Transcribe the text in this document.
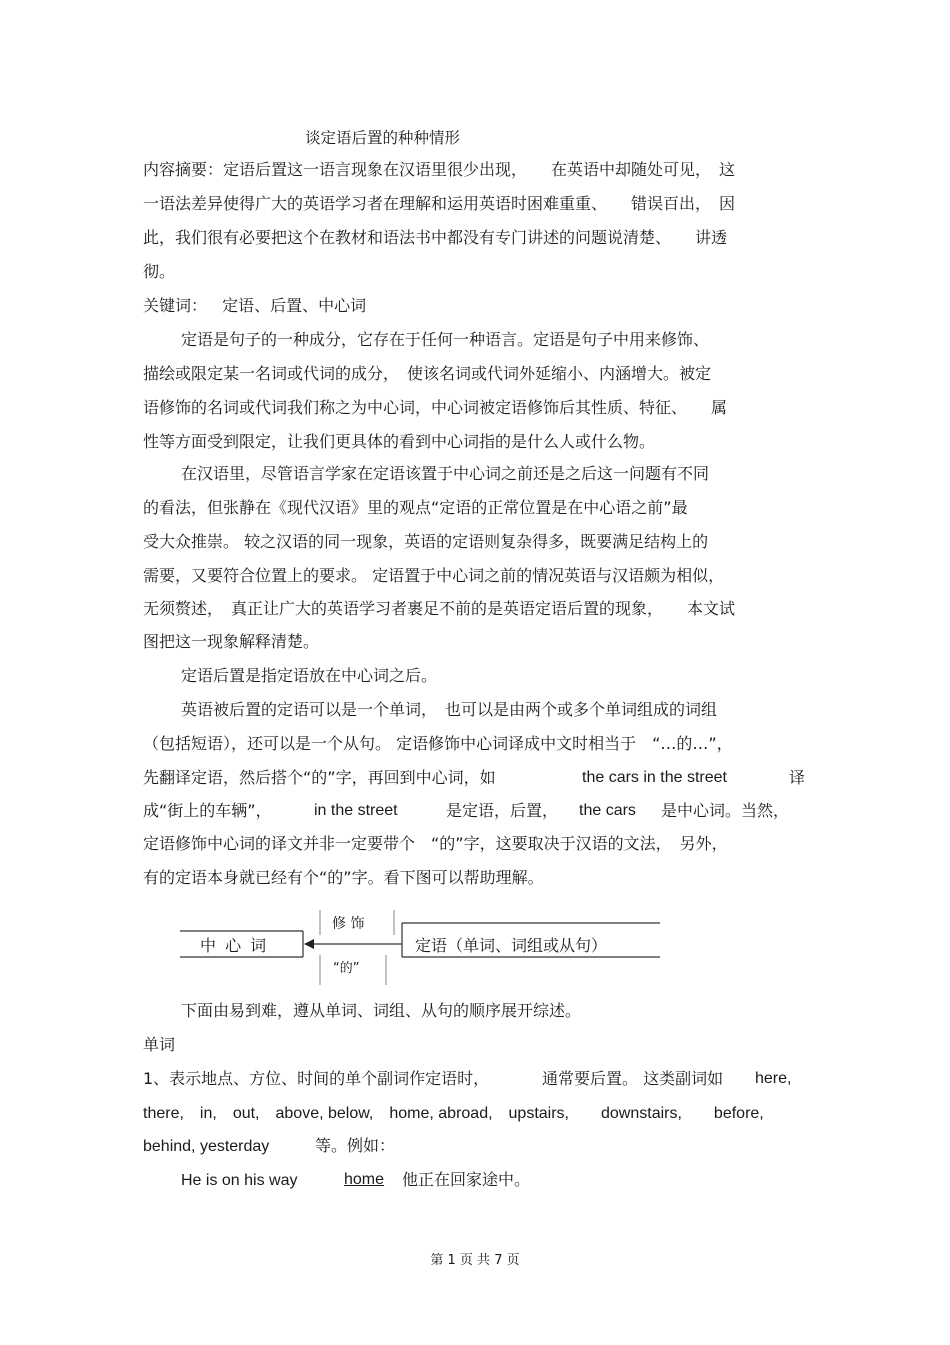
谈定语后置的种种情形
内容摘要：定语后置这一语言现象在汉语里很少出现，　　在英语中却随处可见，　这
一语法差异使得广大的英语学习者在理解和运用英语时困难重重、　　错误百出，　因
此，我们很有必要把这个在教材和语法书中都没有专门讲述的问题说清楚、　　讲透
彻。
关键词： 定语、后置、中心词
定语是句子的一种成分，它存在于任何一种语言。定语是句子中用来修饰、
描绘或限定某一名词或代词的成分，　使该名词或代词外延缩小、内涵增大。被定
语修饰的名词或代词我们称之为中心词，中心词被定语修饰后其性质、特征、　　属
性等方面受到限定，让我们更具体的看到中心词指的是什么人或什么物。
在汉语里，尽管语言学家在定语该置于中心词之前还是之后这一问题有不同
的看法，但张静在《现代汉语》里的观点“定语的正常位置是在中心语之前”最
受大众推崇。 较之汉语的同一现象，英语的定语则复杂得多，既要满足结构上的
需要，又要符合位置上的要求。 定语置于中心词之前的情况英语与汉语颇为相似，
无须赘述，　真正让广大的英语学习者裹足不前的是英语定语后置的现象，　　本文试
图把这一现象解释清楚。
定语后置是指定语放在中心词之后。
英语被后置的定语可以是一个单词，　也可以是由两个或多个单词组成的词组
（包括短语），还可以是一个从句。 定语修饰中心词译成中文时相当于　“…的…”，
先翻译定语，然后搭个“的”字，再回到中心词，如	the cars in the street	译
成“街上的车辆”，	in the street	是定语，后置， the cars 是中心词。当然，
定语修饰中心词的译文并非一定要带个　“的”字，这要取决于汉语的文法，　另外，
有的定语本身就已经有个“的”字。看下图可以帮助理解。
中 心 词
修 饰
定语（单词、词组或从句）
“的”
下面由易到难，遵从单词、词组、从句的顺序展开综述。
单词
1、表示地点、方位、时间的单个副词作定语时，	通常要后置。 这类副词如 here,
there,　in,　out,　above, below,　home, abroad,　upstairs,　　downstairs,　　before,
behind, yesterday	等。例如：
He is on his way	home 他正在回家途中。
第 1 页 共 7 页
